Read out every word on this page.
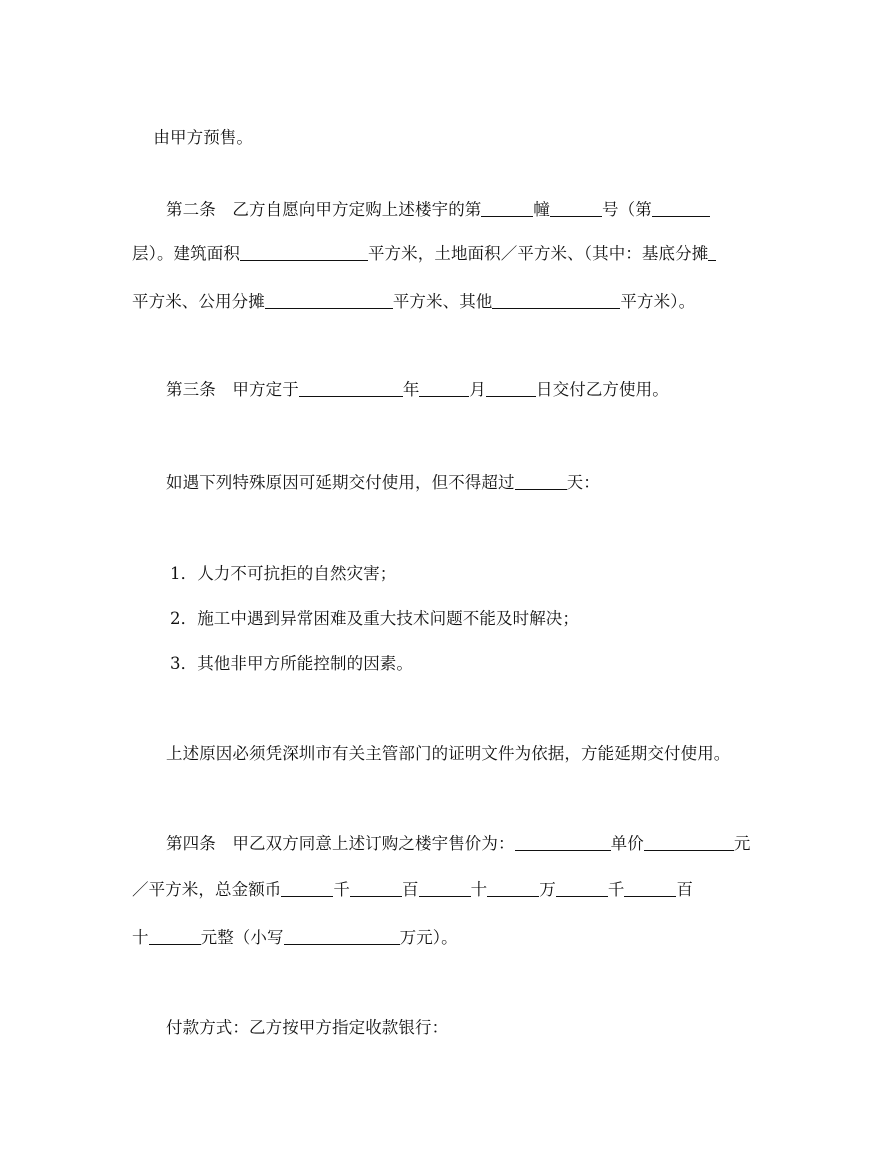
由甲方预售。

第二条　乙方自愿向甲方定购上述楼宇的第	幢	号（第
层）。建筑面积	平方米，土地面积／平方米、（其中：基底分摊
平方米、公用分摊	平方米、其他	平方米）。
第三条　甲方定于	年	月	日交付乙方使用。
如遇下列特殊原因可延期交付使用，但不得超过	天：
1．人力不可抗拒的自然灾害；
2．施工中遇到异常困难及重大技术问题不能及时解决；
3．其他非甲方所能控制的因素。
上述原因必须凭深圳市有关主管部门的证明文件为依据，方能延期交付使用。
第四条　甲乙双方同意上述订购之楼宇售价为：	单价	元
／平方米，总金额币	千	百	十	万	千	百
十	元整（小写	万元）。
付款方式：乙方按甲方指定收款银行：
